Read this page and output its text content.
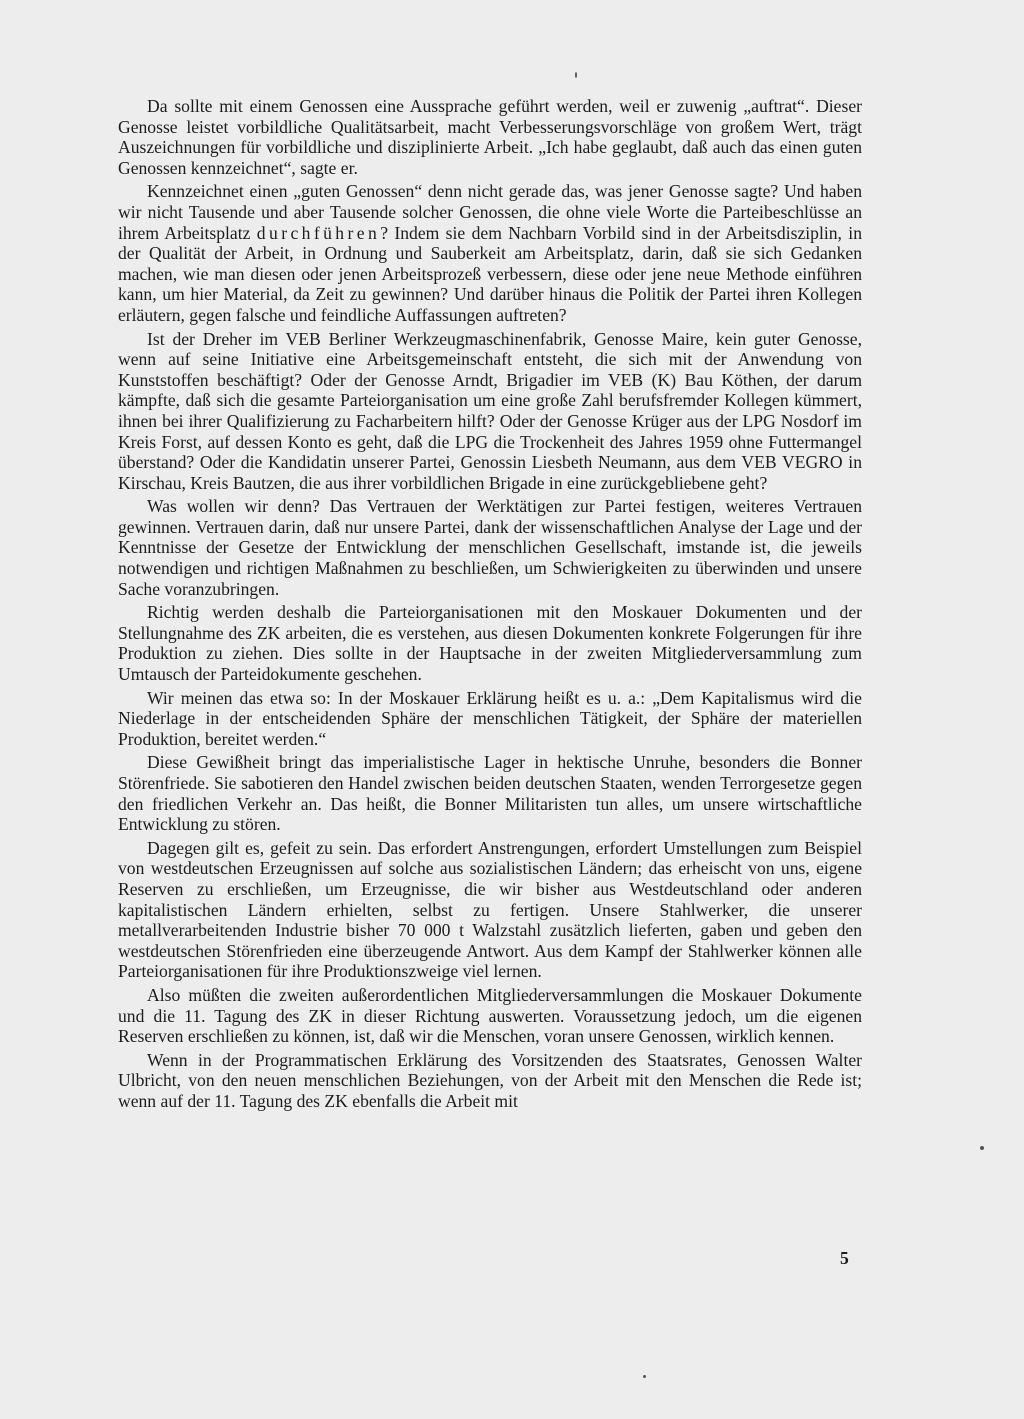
Da sollte mit einem Genossen eine Aussprache geführt werden, weil er zuwenig „auftrat“. Dieser Genosse leistet vorbildliche Qualitätsarbeit, macht Verbesserungsvorschläge von großem Wert, trägt Auszeichnungen für vorbildliche und disziplinierte Arbeit. „Ich habe geglaubt, daß auch das einen guten Genossen kennzeichnet“, sagte er.

Kennzeichnet einen „guten Genossen“ denn nicht gerade das, was jener Genosse sagte? Und haben wir nicht Tausende und aber Tausende solcher Genossen, die ohne viele Worte die Parteibeschlüsse an ihrem Arbeitsplatz durchführen? Indem sie dem Nachbarn Vorbild sind in der Arbeitsdisziplin, in der Qualität der Arbeit, in Ordnung und Sauberkeit am Arbeitsplatz, darin, daß sie sich Gedanken machen, wie man diesen oder jenen Arbeitsprozeß verbessern, diese oder jene neue Methode einführen kann, um hier Material, da Zeit zu gewinnen? Und darüber hinaus die Politik der Partei ihren Kollegen erläutern, gegen falsche und feindliche Auffassungen auftreten?

Ist der Dreher im VEB Berliner Werkzeugmaschinenfabrik, Genosse Maire, kein guter Genosse, wenn auf seine Initiative eine Arbeitsgemeinschaft entsteht, die sich mit der Anwendung von Kunststoffen beschäftigt? Oder der Genosse Arndt, Brigadier im VEB (K) Bau Köthen, der darum kämpfte, daß sich die gesamte Parteiorganisation um eine große Zahl berufsfremder Kollegen kümmert, ihnen bei ihrer Qualifizierung zu Facharbeitern hilft? Oder der Genosse Krüger aus der LPG Nosdorf im Kreis Forst, auf dessen Konto es geht, daß die LPG die Trockenheit des Jahres 1959 ohne Futtermangel überstand? Oder die Kandidatin unserer Partei, Genossin Liesbeth Neumann, aus dem VEB VEGRO in Kirschau, Kreis Bautzen, die aus ihrer vorbildlichen Brigade in eine zurückgebliebene geht?

Was wollen wir denn? Das Vertrauen der Werktätigen zur Partei festigen, weiteres Vertrauen gewinnen. Vertrauen darin, daß nur unsere Partei, dank der wissenschaftlichen Analyse der Lage und der Kenntnisse der Gesetze der Entwicklung der menschlichen Gesellschaft, imstande ist, die jeweils notwendigen und richtigen Maßnahmen zu beschließen, um Schwierigkeiten zu überwinden und unsere Sache voranzubringen.

Richtig werden deshalb die Parteiorganisationen mit den Moskauer Dokumenten und der Stellungnahme des ZK arbeiten, die es verstehen, aus diesen Dokumenten konkrete Folgerungen für ihre Produktion zu ziehen. Dies sollte in der Hauptsache in der zweiten Mitgliederversammlung zum Umtausch der Parteidokumente geschehen.

Wir meinen das etwa so: In der Moskauer Erklärung heißt es u. a.: „Dem Kapitalismus wird die Niederlage in der entscheidenden Sphäre der menschlichen Tätigkeit, der Sphäre der materiellen Produktion, bereitet werden.“

Diese Gewißheit bringt das imperialistische Lager in hektische Unruhe, besonders die Bonner Störenfriede. Sie sabotieren den Handel zwischen beiden deutschen Staaten, wenden Terrorgesetze gegen den friedlichen Verkehr an. Das heißt, die Bonner Militaristen tun alles, um unsere wirtschaftliche Entwicklung zu stören.

Dagegen gilt es, gefeit zu sein. Das erfordert Anstrengungen, erfordert Umstellungen zum Beispiel von westdeutschen Erzeugnissen auf solche aus sozialistischen Ländern; das erheischt von uns, eigene Reserven zu erschließen, um Erzeugnisse, die wir bisher aus Westdeutschland oder anderen kapitalistischen Ländern erhielten, selbst zu fertigen. Unsere Stahlwerker, die unserer metallverarbeitenden Industrie bisher 70 000 t Walzstahl zusätzlich lieferten, gaben und geben den westdeutschen Störenfrieden eine überzeugende Antwort. Aus dem Kampf der Stahlwerker können alle Parteiorganisationen für ihre Produktionszweige viel lernen.

Also müßten die zweiten außerordentlichen Mitgliederversammlungen die Moskauer Dokumente und die 11. Tagung des ZK in dieser Richtung auswerten. Voraussetzung jedoch, um die eigenen Reserven erschließen zu können, ist, daß wir die Menschen, voran unsere Genossen, wirklich kennen.

Wenn in der Programmatischen Erklärung des Vorsitzenden des Staatsrates, Genossen Walter Ulbricht, von den neuen menschlichen Beziehungen, von der Arbeit mit den Menschen die Rede ist; wenn auf der 11. Tagung des ZK ebenfalls die Arbeit mit

5
